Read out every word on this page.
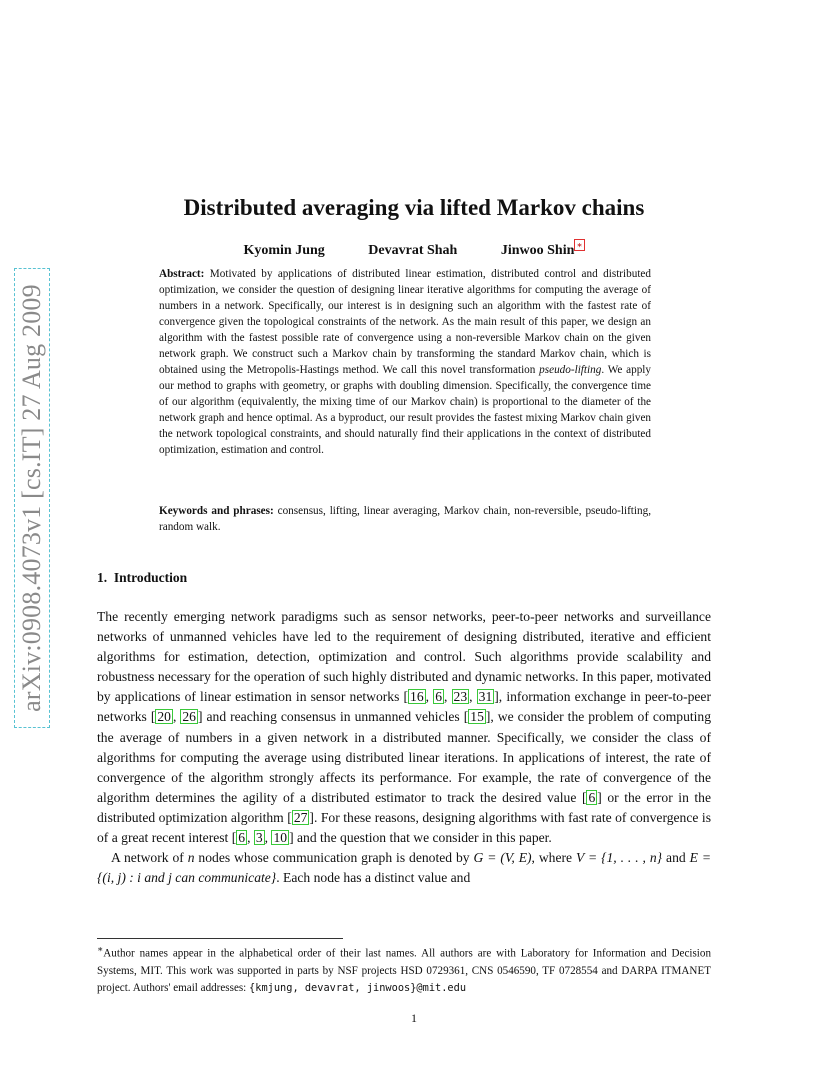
arXiv:0908.4073v1 [cs.IT] 27 Aug 2009
Distributed averaging via lifted Markov chains
Kyomin Jung	Devavrat Shah	Jinwoo Shin ∗
Abstract: Motivated by applications of distributed linear estimation, distributed control and distributed optimization, we consider the question of designing linear iterative algorithms for computing the average of numbers in a network. Specifically, our interest is in designing such an algorithm with the fastest rate of convergence given the topological constraints of the network. As the main result of this paper, we design an algorithm with the fastest possible rate of convergence using a non-reversible Markov chain on the given network graph. We construct such a Markov chain by transforming the standard Markov chain, which is obtained using the Metropolis-Hastings method. We call this novel transformation pseudo-lifting. We apply our method to graphs with geometry, or graphs with doubling dimension. Specifically, the convergence time of our algorithm (equivalently, the mixing time of our Markov chain) is proportional to the diameter of the network graph and hence optimal. As a byproduct, our result provides the fastest mixing Markov chain given the network topological constraints, and should naturally find their applications in the context of distributed optimization, estimation and control.
Keywords and phrases: consensus, lifting, linear averaging, Markov chain, non-reversible, pseudo-lifting, random walk.
1. Introduction

The recently emerging network paradigms such as sensor networks, peer-to-peer networks and surveillance networks of unmanned vehicles have led to the requirement of designing distributed, iterative and efficient algorithms for estimation, detection, optimization and control. Such algorithms provide scalability and robustness necessary for the operation of such highly distributed and dynamic networks. In this paper, motivated by applications of linear estimation in sensor networks [ 16 , 6 , 23 , 31 ], information exchange in peer-to-peer networks [ 20 , 26 ] and reaching consensus in unmanned vehicles [ 15 ], we consider the problem of computing the average of numbers in a given network in a distributed manner. Specifically, we consider the class of algorithms for computing the average using distributed linear iterations. In applications of interest, the rate of convergence of the algorithm strongly affects its performance. For example, the rate of convergence of the algorithm determines the agility of a distributed estimator to track the desired value [ 6 ] or the error in the distributed optimization algorithm [ 27 ]. For these reasons, designing algorithms with fast rate of convergence is of a great recent interest [ 6 , 3 , 10 ] and the question that we consider in this paper.

A network of n nodes whose communication graph is denoted by G = (V, E), where V = {1, . . . , n} and E = {(i, j) : i and j can communicate}. Each node has a distinct value and

∗Author names appear in the alphabetical order of their last names. All authors are with Laboratory for Information and Decision Systems, MIT. This work was supported in parts by NSF projects HSD 0729361, CNS 0546590, TF 0728554 and DARPA ITMANET project. Authors' email addresses: {kmjung, devavrat, jinwoos}@mit.edu
1
